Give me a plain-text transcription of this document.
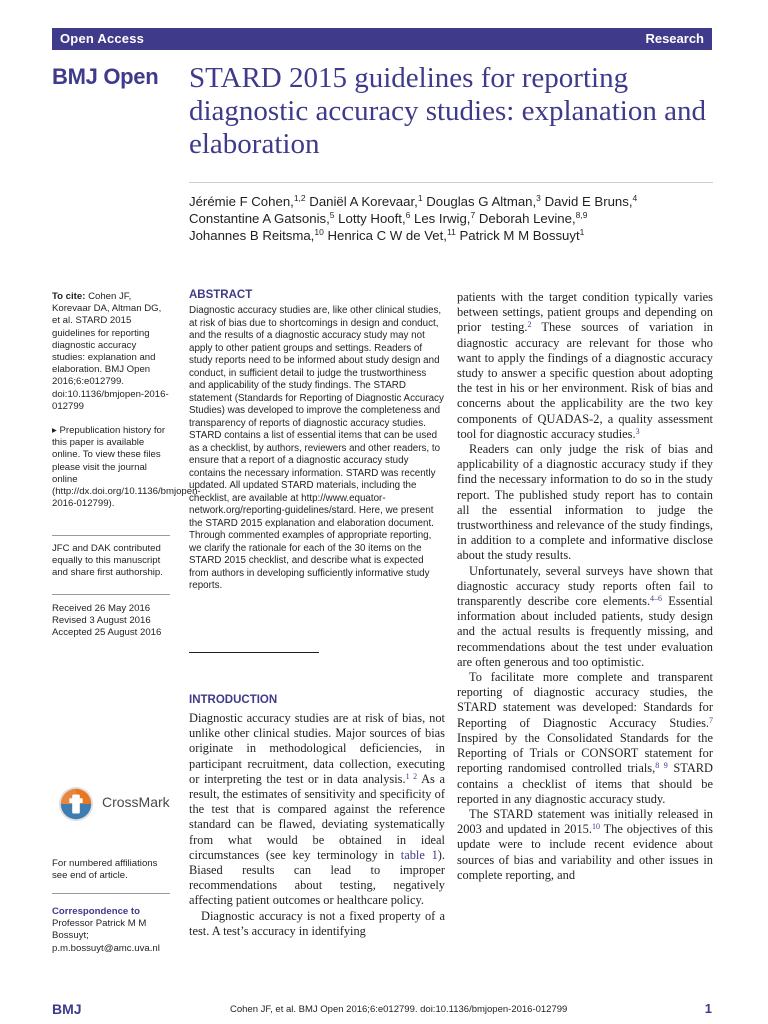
Open Access	Research
BMJ Open STARD 2015 guidelines for reporting diagnostic accuracy studies: explanation and elaboration
Jérémie F Cohen,$^{1,2}$ Daniël A Korevaar,$^1$ Douglas G Altman,$^3$ David E Bruns,$^4$
Constantine A Gatsonis,$^5$ Lotty Hooft,$^6$ Les Irwig,$^7$ Deborah Levine,$^{8,9}$
Johannes B Reitsma,$^{10}$ Henrica C W de Vet,$^{11}$ Patrick M M Bossuyt$^1$
To cite: Cohen JF, Korevaar DA, Altman DG, et al. STARD 2015 guidelines for reporting diagnostic accuracy studies: explanation and elaboration. BMJ Open 2016;6:e012799. doi:10.1136/bmjopen-2016-012799
▸ Prepublication history for this paper is available online. To view these files please visit the journal online (http://dx.doi.org/10.1136/bmjopen-2016-012799).
JFC and DAK contributed equally to this manuscript and share first authorship.
Received 26 May 2016
Revised 3 August 2016
Accepted 25 August 2016
CrossMark
For numbered affiliations see end of article.
Correspondence to
Professor Patrick M M Bossuyt; p.m.bossuyt@amc.uva.nl
ABSTRACT
Diagnostic accuracy studies are, like other clinical studies, at risk of bias due to shortcomings in design and conduct, and the results of a diagnostic accuracy study may not apply to other patient groups and settings. Readers of study reports need to be informed about study design and conduct, in sufficient detail to judge the trustworthiness and applicability of the study findings. The STARD statement (Standards for Reporting of Diagnostic Accuracy Studies) was developed to improve the completeness and transparency of reports of diagnostic accuracy studies. STARD contains a list of essential items that can be used as a checklist, by authors, reviewers and other readers, to ensure that a report of a diagnostic accuracy study contains the necessary information. STARD was recently updated. All updated STARD materials, including the checklist, are available at http://www.equator-network.org/reporting-guidelines/stard. Here, we present the STARD 2015 explanation and elaboration document. Through commented examples of appropriate reporting, we clarify the rationale for each of the 30 items on the STARD 2015 checklist, and describe what is expected from authors in developing sufficiently informative study reports.
INTRODUCTION

Diagnostic accuracy studies are at risk of bias, not unlike other clinical studies. Major sources of bias originate in methodological deficiencies, in participant recruitment, data collection, executing or interpreting the test or in data analysis.$^{1 2}$ As a result, the estimates of sensitivity and specificity of the test that is compared against the reference standard can be flawed, deviating systematically from what would be obtained in ideal circumstances (see key terminology in table 1). Biased results can lead to improper recommendations about testing, negatively affecting patient outcomes or healthcare policy.

Diagnostic accuracy is not a fixed property of a test. A test’s accuracy in identifying

patients with the target condition typically varies between settings, patient groups and depending on prior testing.$^2$ These sources of variation in diagnostic accuracy are relevant for those who want to apply the findings of a diagnostic accuracy study to answer a specific question about adopting the test in his or her environment. Risk of bias and concerns about the applicability are the two key components of QUADAS-2, a quality assessment tool for diagnostic accuracy studies.$^3$

Readers can only judge the risk of bias and applicability of a diagnostic accuracy study if they find the necessary information to do so in the study report. The published study report has to contain all the essential information to judge the trustworthiness and relevance of the study findings, in addition to a complete and informative disclose about the study results.

Unfortunately, several surveys have shown that diagnostic accuracy study reports often fail to transparently describe core elements.$^{4-6}$ Essential information about included patients, study design and the actual results is frequently missing, and recommendations about the test under evaluation are often generous and too optimistic.

To facilitate more complete and transparent reporting of diagnostic accuracy studies, the STARD statement was developed: Standards for Reporting of Diagnostic Accuracy Studies.$^7$ Inspired by the Consolidated Standards for the Reporting of Trials or CONSORT statement for reporting randomised controlled trials,$^{8 9}$ STARD contains a checklist of items that should be reported in any diagnostic accuracy study.

The STARD statement was initially released in 2003 and updated in 2015.10 The objectives of this update were to include recent evidence about sources of bias and variability and other issues in complete reporting, and

BMJ	Cohen JF, et al. BMJ Open 2016;6:e012799. doi:10.1136/bmjopen-2016-012799	1
